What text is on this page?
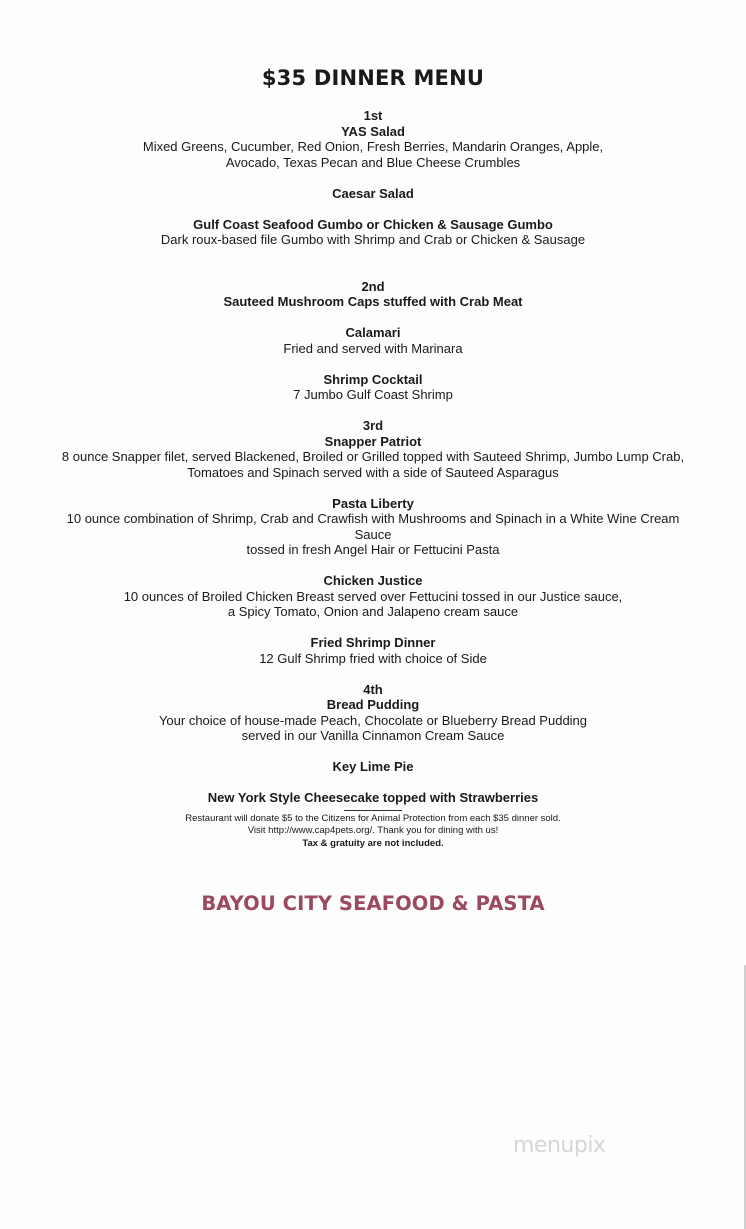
$35 DINNER MENU
1st
YAS Salad
Mixed Greens, Cucumber, Red Onion, Fresh Berries, Mandarin Oranges, Apple,
Avocado, Texas Pecan and Blue Cheese Crumbles
Caesar Salad
Gulf Coast Seafood Gumbo or Chicken & Sausage Gumbo
Dark roux-based file Gumbo with Shrimp and Crab or Chicken & Sausage
2nd
Sauteed Mushroom Caps stuffed with Crab Meat
Calamari
Fried and served with Marinara
Shrimp Cocktail
7 Jumbo Gulf Coast Shrimp
3rd
Snapper Patriot
8 ounce Snapper filet, served Blackened, Broiled or Grilled topped with Sauteed Shrimp, Jumbo Lump Crab,
Tomatoes and Spinach served with a side of Sauteed Asparagus
Pasta Liberty
10 ounce combination of Shrimp, Crab and Crawfish with Mushrooms and Spinach in a White Wine Cream
Sauce
tossed in fresh Angel Hair or Fettucini Pasta
Chicken Justice
10 ounces of Broiled Chicken Breast served over Fettucini tossed in our Justice sauce,
a Spicy Tomato, Onion and Jalapeno cream sauce
Fried Shrimp Dinner
12 Gulf Shrimp fried with choice of Side
4th
Bread Pudding
Your choice of house-made Peach, Chocolate or Blueberry Bread Pudding
served in our Vanilla Cinnamon Cream Sauce
Key Lime Pie
New York Style Cheesecake topped with Strawberries
Restaurant will donate $5 to the Citizens for Animal Protection from each $35 dinner sold.
Visit http://www.cap4pets.org/. Thank you for dining with us!
Tax & gratuity are not included.
BAYOU CITY SEAFOOD & PASTA
menupix
